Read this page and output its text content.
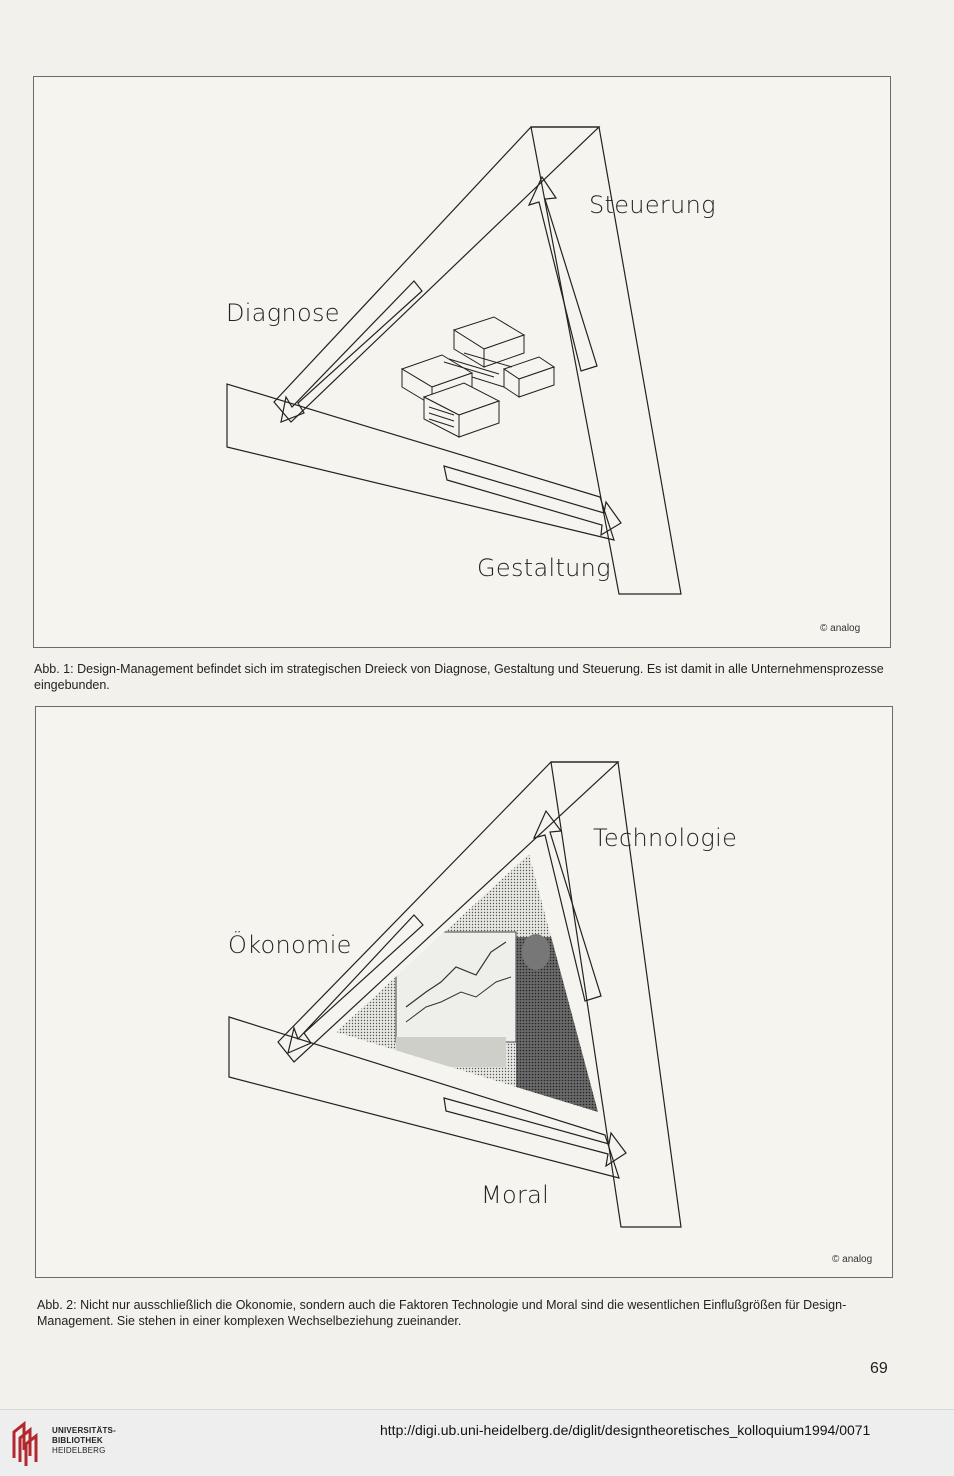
Steuerung
Diagnose
Gestaltung
© analog
Abb. 1: Design-Management befindet sich im strategischen Dreieck von Diagnose, Gestaltung und Steuerung. Es ist damit in alle Unternehmensprozesse eingebunden.
Technologie
Ökonomie
Moral
© analog
Abb. 2: Nicht nur ausschließlich die Okonomie, sondern auch die Faktoren Technologie und Moral sind die wesentlichen Einflußgrößen für Design-Management. Sie stehen in einer komplexen Wechselbeziehung zueinander.
69
UNIVERSITÄTS-
BIBLIOTHEK
HEIDELBERG
http://digi.ub.uni-heidelberg.de/diglit/designtheoretisches_kolloquium1994/0071
